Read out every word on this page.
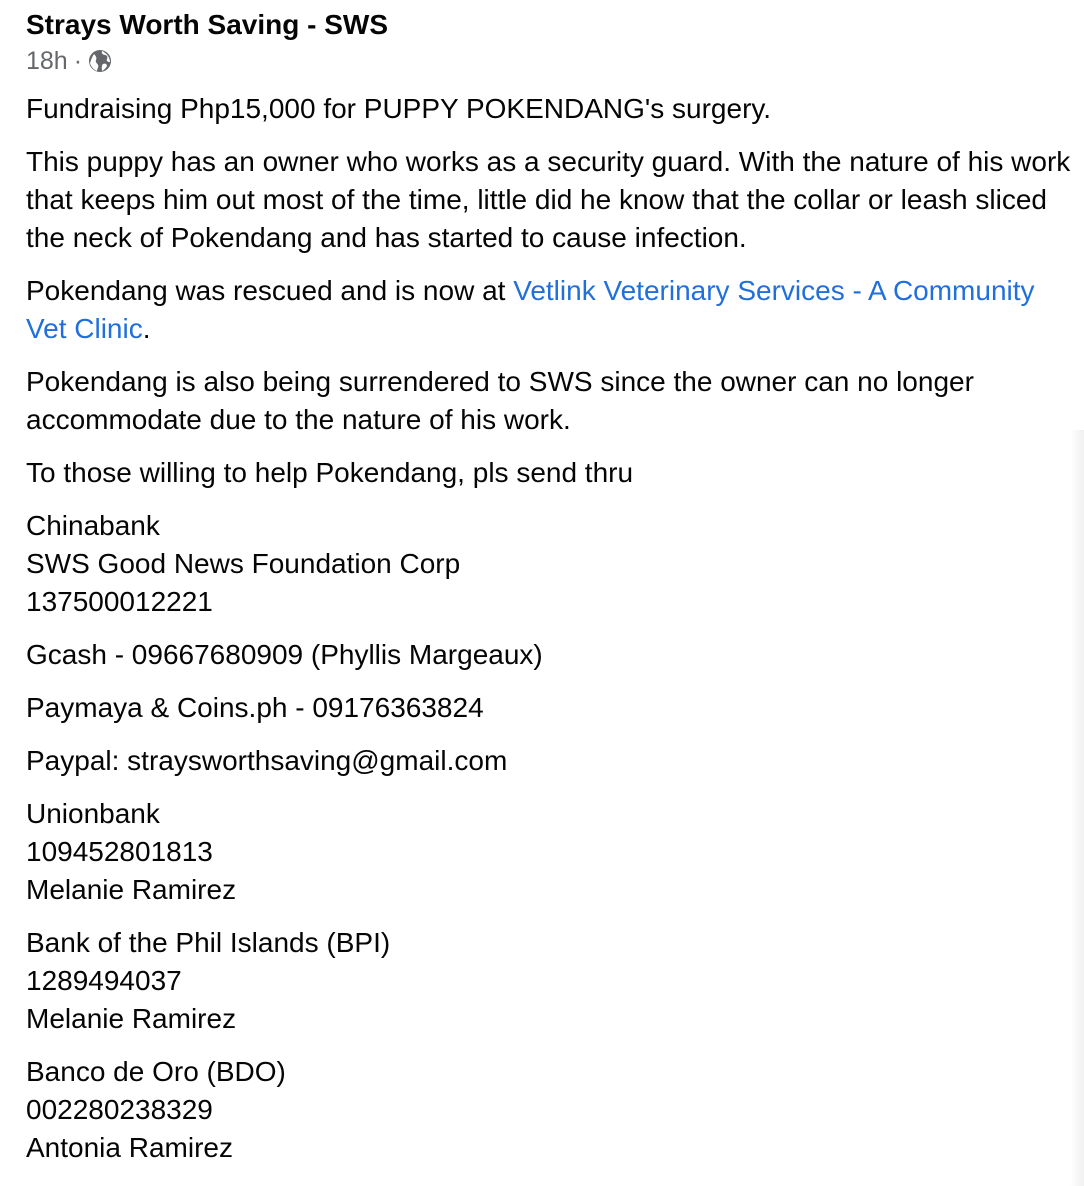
Strays Worth Saving - SWS
18h ·

Fundraising Php15,000 for PUPPY POKENDANG's surgery.

This puppy has an owner who works as a security guard. With the nature of his work that keeps him out most of the time, little did he know that the collar or leash sliced the neck of Pokendang and has started to cause infection.

Pokendang was rescued and is now at Vetlink Veterinary Services - A Community Vet Clinic.

Pokendang is also being surrendered to SWS since the owner can no longer accommodate due to the nature of his work.

To those willing to help Pokendang, pls send thru

Chinabank
SWS Good News Foundation Corp
137500012221

Gcash - 09667680909 (Phyllis Margeaux)

Paymaya & Coins.ph - 09176363824

Paypal: straysworthsaving@gmail.com

Unionbank
109452801813
Melanie Ramirez
Bank of the Phil Islands (BPI)
1289494037
Melanie Ramirez
Banco de Oro (BDO)
002280238329
Antonia Ramirez
